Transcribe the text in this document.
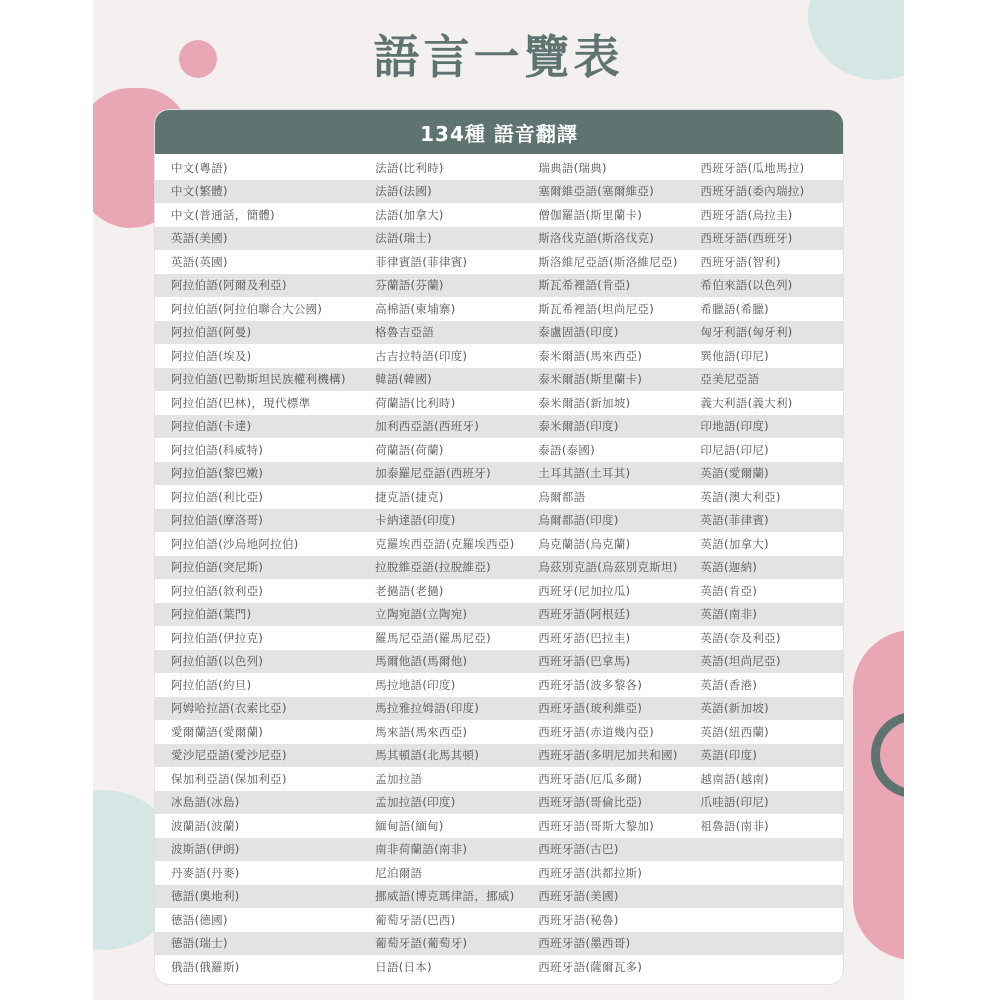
語言一覽表
134種 語音翻譯
中文(粵語)	法語(比利時)	瑞典語(瑞典)	西班牙語(瓜地馬拉)
中文(繁體)	法語(法國)	塞爾維亞語(塞爾維亞)	西班牙語(委內瑞拉)
中文(普通話，簡體)	法語(加拿大)	僧伽羅語(斯里蘭卡)	西班牙語(烏拉圭)
英語(美國)	法語(瑞士)	斯洛伐克語(斯洛伐克)	西班牙語(西班牙)
英語(英國)	菲律賓語(菲律賓)	斯洛維尼亞語(斯洛維尼亞)	西班牙語(智利)
阿拉伯語(阿爾及利亞)	芬蘭語(芬蘭)	斯瓦希裡語(肯亞)	希伯來語(以色列)
阿拉伯語(阿拉伯聯合大公國)	高棉語(柬埔寨)	斯瓦希裡語(坦尚尼亞)	希臘語(希臘)
阿拉伯語(阿曼)	格魯吉亞語	泰盧固語(印度)	匈牙利語(匈牙利)
阿拉伯語(埃及)	古吉拉特語(印度)	泰米爾語(馬來西亞)	巽他語(印尼)
阿拉伯語(巴勒斯坦民族權利機構)	韓語(韓國)	泰米爾語(斯里蘭卡)	亞美尼亞語
阿拉伯語(巴林)，現代標準	荷蘭語(比利時)	泰米爾語(新加坡)	義大利語(義大利)
阿拉伯語(卡達)	加利西亞語(西班牙)	泰米爾語(印度)	印地語(印度)
阿拉伯語(科威特)	荷蘭語(荷蘭)	泰語(泰國)	印尼語(印尼)
阿拉伯語(黎巴嫩)	加泰羅尼亞語(西班牙)	土耳其語(土耳其)	英語(愛爾蘭)
阿拉伯語(利比亞)	捷克語(捷克)	烏爾都語	英語(澳大利亞)
阿拉伯語(摩洛哥)	卡納達語(印度)	烏爾都語(印度)	英語(菲律賓)
阿拉伯語(沙烏地阿拉伯)	克羅埃西亞語(克羅埃西亞)	烏克蘭語(烏克蘭)	英語(加拿大)
阿拉伯語(突尼斯)	拉脫維亞語(拉脫維亞)	烏茲別克語(烏茲別克斯坦)	英語(迦納)
阿拉伯語(敘利亞)	老撾語(老撾)	西班牙(尼加拉瓜)	英語(肯亞)
阿拉伯語(葉門)	立陶宛語(立陶宛)	西班牙語(阿根廷)	英語(南非)
阿拉伯語(伊拉克)	羅馬尼亞語(羅馬尼亞)	西班牙語(巴拉圭)	英語(奈及利亞)
阿拉伯語(以色列)	馬爾他語(馬爾他)	西班牙語(巴拿馬)	英語(坦尚尼亞)
阿拉伯語(約旦)	馬拉地語(印度)	西班牙語(波多黎各)	英語(香港)
阿姆哈拉語(衣索比亞)	馬拉雅拉姆語(印度)	西班牙語(玻利維亞)	英語(新加坡)
愛爾蘭語(愛爾蘭)	馬來語(馬來西亞)	西班牙語(赤道幾內亞)	英語(紐西蘭)
愛沙尼亞語(愛沙尼亞)	馬其頓語(北馬其頓)	西班牙語(多明尼加共和國)	英語(印度)
保加利亞語(保加利亞)	孟加拉語	西班牙語(厄瓜多爾)	越南語(越南)
冰島語(冰島)	孟加拉語(印度)	西班牙語(哥倫比亞)	爪哇語(印尼)
波蘭語(波蘭)	緬甸語(緬甸)	西班牙語(哥斯大黎加)	祖魯語(南非)
波斯語(伊朗)	南非荷蘭語(南非)	西班牙語(古巴)
丹麥語(丹麥)	尼泊爾語	西班牙語(洪都拉斯)
德語(奧地利)	挪威語(博克瑪律語，挪威)	西班牙語(美國)
德語(德國)	葡萄牙語(巴西)	西班牙語(秘魯)
德語(瑞士)	葡萄牙語(葡萄牙)	西班牙語(墨西哥)
俄語(俄羅斯)	日語(日本)	西班牙語(薩爾瓦多)
